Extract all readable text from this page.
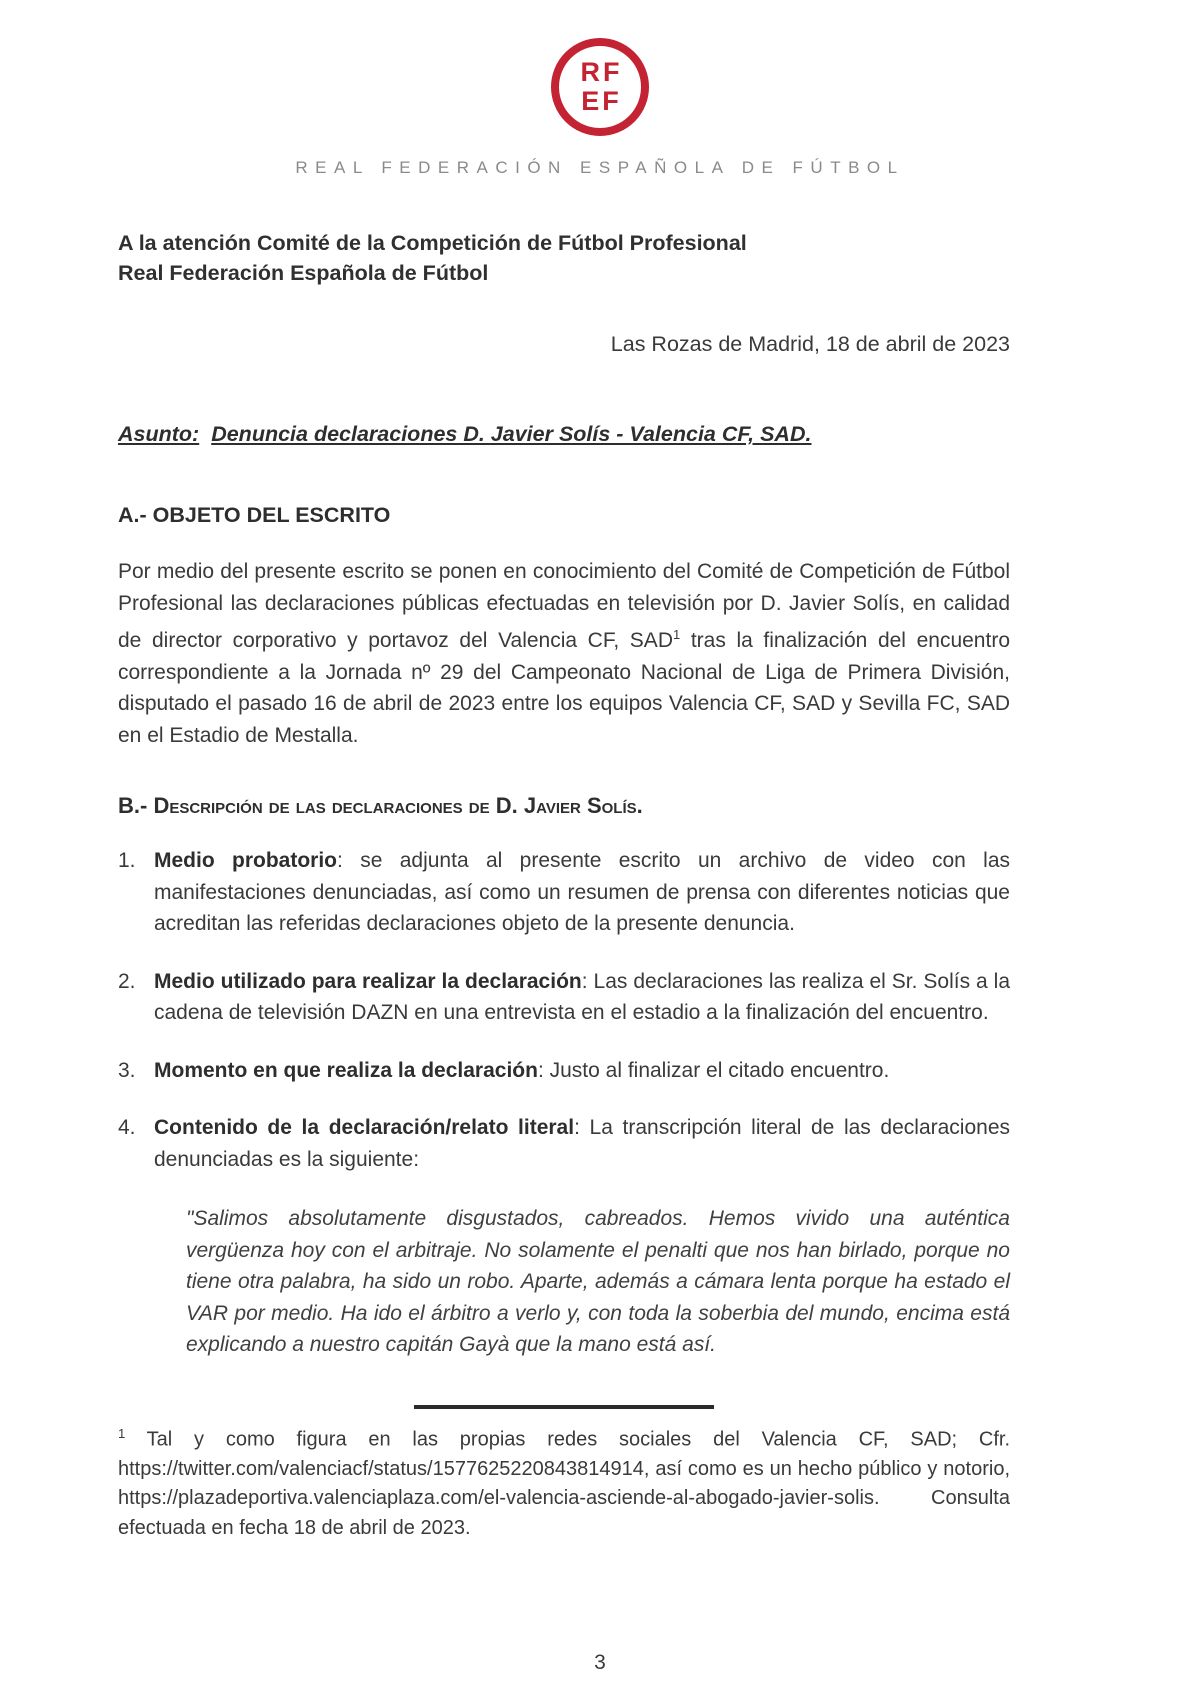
RF
EF
REAL FEDERACIÓN ESPAÑOLA DE FÚTBOL
A la atención Comité de la Competición de Fútbol Profesional
Real Federación Española de Fútbol
Las Rozas de Madrid, 18 de abril de 2023
Asunto: Denuncia declaraciones D. Javier Solís - Valencia CF, SAD.
A.- OBJETO DEL ESCRITO

Por medio del presente escrito se ponen en conocimiento del Comité de Competición de Fútbol Profesional las declaraciones públicas efectuadas en televisión por D. Javier Solís, en calidad de director corporativo y portavoz del Valencia CF, SAD$^1$ tras la finalización del encuentro correspondiente a la Jornada nº 29 del Campeonato Nacional de Liga de Primera División, disputado el pasado 16 de abril de 2023 entre los equipos Valencia CF, SAD y Sevilla FC, SAD en el Estadio de Mestalla.

B.- Descripción de las declaraciones de D. Javier Solís.
1. Medio probatorio: se adjunta al presente escrito un archivo de video con las manifestaciones denunciadas, así como un resumen de prensa con diferentes noticias que acreditan las referidas declaraciones objeto de la presente denuncia.
2. Medio utilizado para realizar la declaración: Las declaraciones las realiza el Sr. Solís a la cadena de televisión DAZN en una entrevista en el estadio a la finalización del encuentro.
3. Momento en que realiza la declaración: Justo al finalizar el citado encuentro.
4. Contenido de la declaración/relato literal: La transcripción literal de las declaraciones denunciadas es la siguiente:

"Salimos absolutamente disgustados, cabreados. Hemos vivido una auténtica vergüenza hoy con el arbitraje. No solamente el penalti que nos han birlado, porque no tiene otra palabra, ha sido un robo. Aparte, además a cámara lenta porque ha estado el VAR por medio. Ha ido el árbitro a verlo y, con toda la soberbia del mundo, encima está explicando a nuestro capitán Gayà que la mano está así.

$^1$ Tal y como figura en las propias redes sociales del Valencia CF, SAD; Cfr. https://twitter.com/valenciacf/status/1577625220843814914, así como es un hecho público y notorio, https://plazadeportiva.valenciaplaza.com/el-valencia-asciende-al-abogado-javier-solis. Consulta efectuada en fecha 18 de abril de 2023.

3
